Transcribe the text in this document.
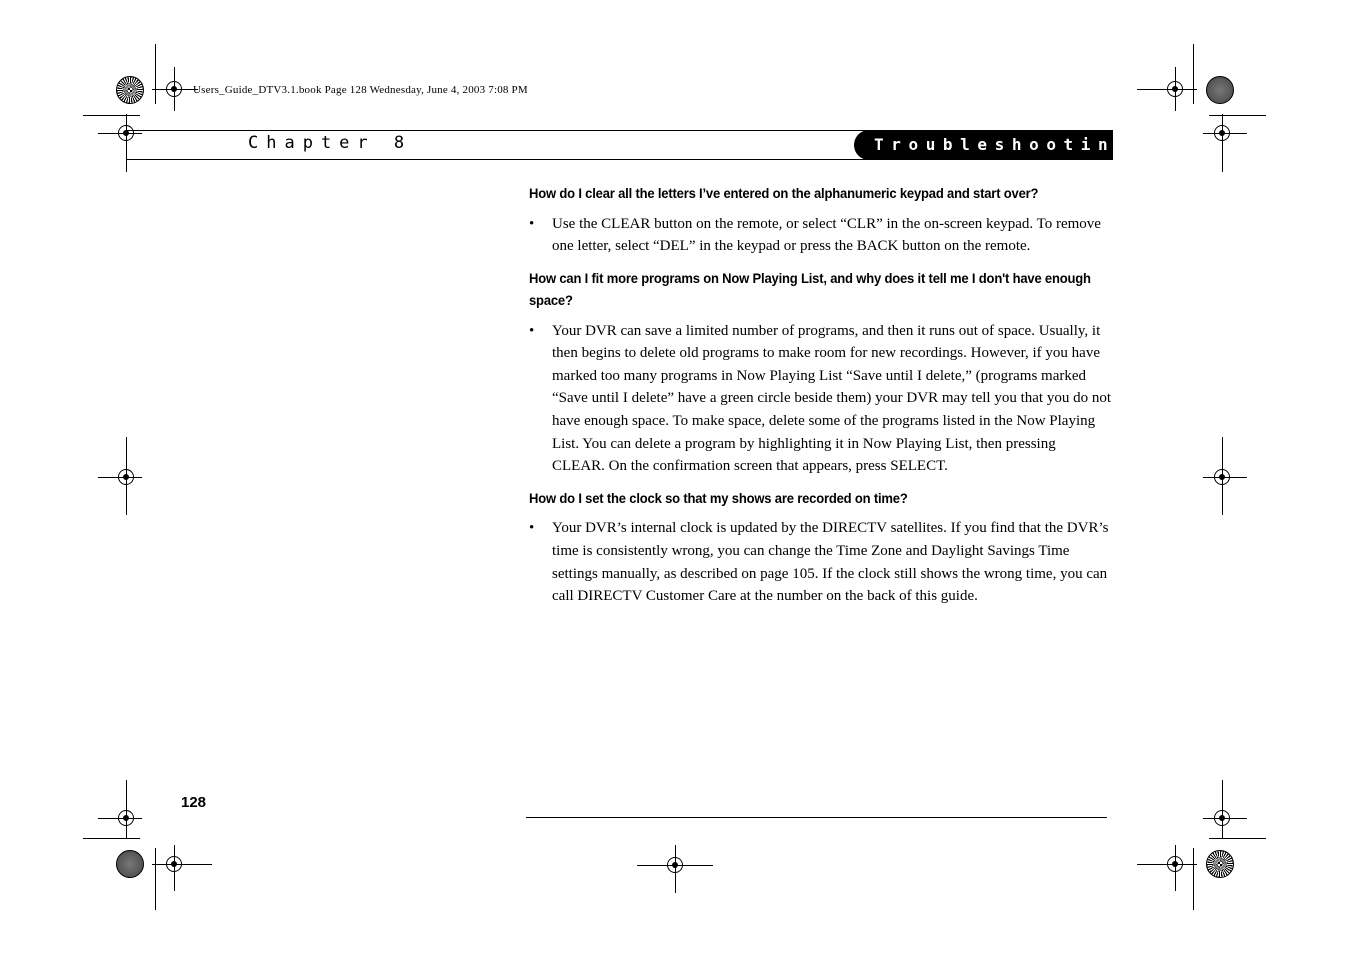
Users_Guide_DTV3.1.book Page 128 Wednesday, June 4, 2003 7:08 PM
Chapter 8	Troubleshooting

How do I clear all the letters I’ve entered on the alphanumeric keypad and start over?

• Use the CLEAR button on the remote, or select “CLR” in the on-screen keypad. To remove one letter, select “DEL” in the keypad or press the BACK button on the remote.

How can I fit more programs on Now Playing List, and why does it tell me I don't have enough space?

• Your DVR can save a limited number of programs, and then it runs out of space. Usually, it then begins to delete old programs to make room for new recordings. However, if you have marked too many programs in Now Playing List “Save until I delete,” (programs marked “Save until I delete” have a green circle beside them) your DVR may tell you that you do not have enough space. To make space, delete some of the programs listed in the Now Playing List. You can delete a program by highlighting it in Now Playing List, then pressing CLEAR. On the confirmation screen that appears, press SELECT.

How do I set the clock so that my shows are recorded on time?

• Your DVR’s internal clock is updated by the DIRECTV satellites. If you find that the DVR’s time is consistently wrong, you can change the Time Zone and Daylight Savings Time settings manually, as described on page 105. If the clock still shows the wrong time, you can call DIRECTV Customer Care at the number on the back of this guide.

128
